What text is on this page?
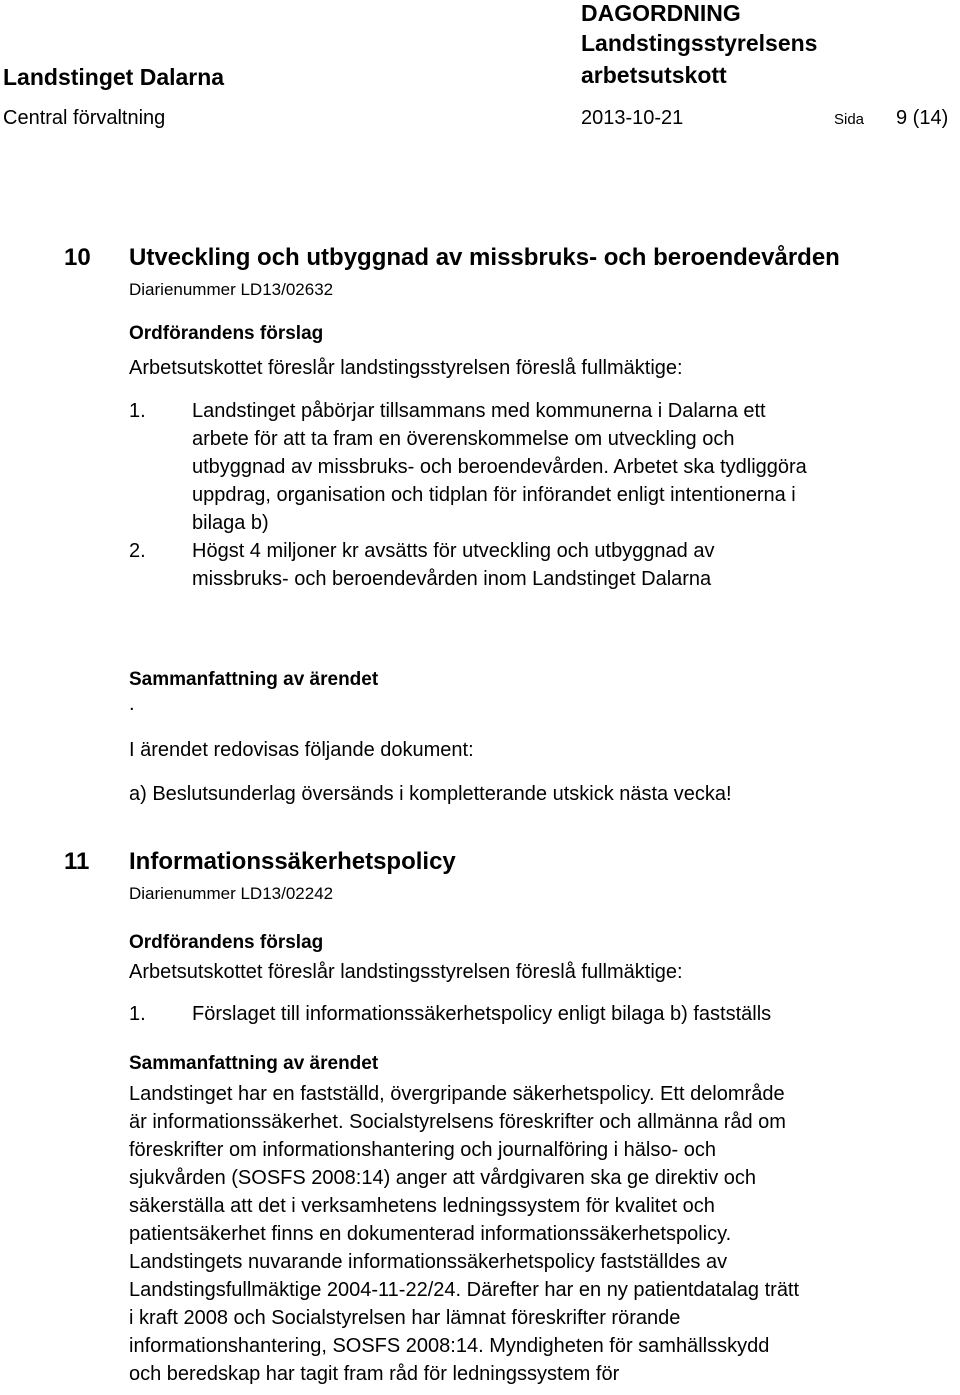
Landstinget Dalarna
Central förvaltning
DAGORDNING
Landstingsstyrelsens
arbetsutskott
2013-10-21	Sida 9 (14)
10 Utveckling och utbyggnad av missbruks- och beroendevården
Diarienummer LD13/02632
Ordförandens förslag
Arbetsutskottet föreslår landstingsstyrelsen föreslå fullmäktige:
1. Landstinget påbörjar tillsammans med kommunerna i Dalarna ett
arbete för att ta fram en överenskommelse om utveckling och
utbyggnad av missbruks- och beroendevården. Arbetet ska tydliggöra
uppdrag, organisation och tidplan för införandet enligt intentionerna i
bilaga b)
2. Högst 4 miljoner kr avsätts för utveckling och utbyggnad av
missbruks- och beroendevården inom Landstinget Dalarna
Sammanfattning av ärendet
.
I ärendet redovisas följande dokument:
a) Beslutsunderlag översänds i kompletterande utskick nästa vecka!
11 Informationssäkerhetspolicy
Diarienummer LD13/02242
Ordförandens förslag
Arbetsutskottet föreslår landstingsstyrelsen föreslå fullmäktige:
1. Förslaget till informationssäkerhetspolicy enligt bilaga b) fastställs
Sammanfattning av ärendet
Landstinget har en fastställd, övergripande säkerhetspolicy. Ett delområde
är informationssäkerhet. Socialstyrelsens föreskrifter och allmänna råd om
föreskrifter om informationshantering och journalföring i hälso- och
sjukvården (SOSFS 2008:14) anger att vårdgivaren ska ge direktiv och
säkerställa att det i verksamhetens ledningssystem för kvalitet och
patientsäkerhet finns en dokumenterad informationssäkerhetspolicy.
Landstingets nuvarande informationssäkerhetspolicy fastställdes av
Landstingsfullmäktige 2004-11-22/24. Därefter har en ny patientdatalag trätt
i kraft 2008 och Socialstyrelsen har lämnat föreskrifter rörande
informationshantering, SOSFS 2008:14. Myndigheten för samhällsskydd
och beredskap har tagit fram råd för ledningssystem för
